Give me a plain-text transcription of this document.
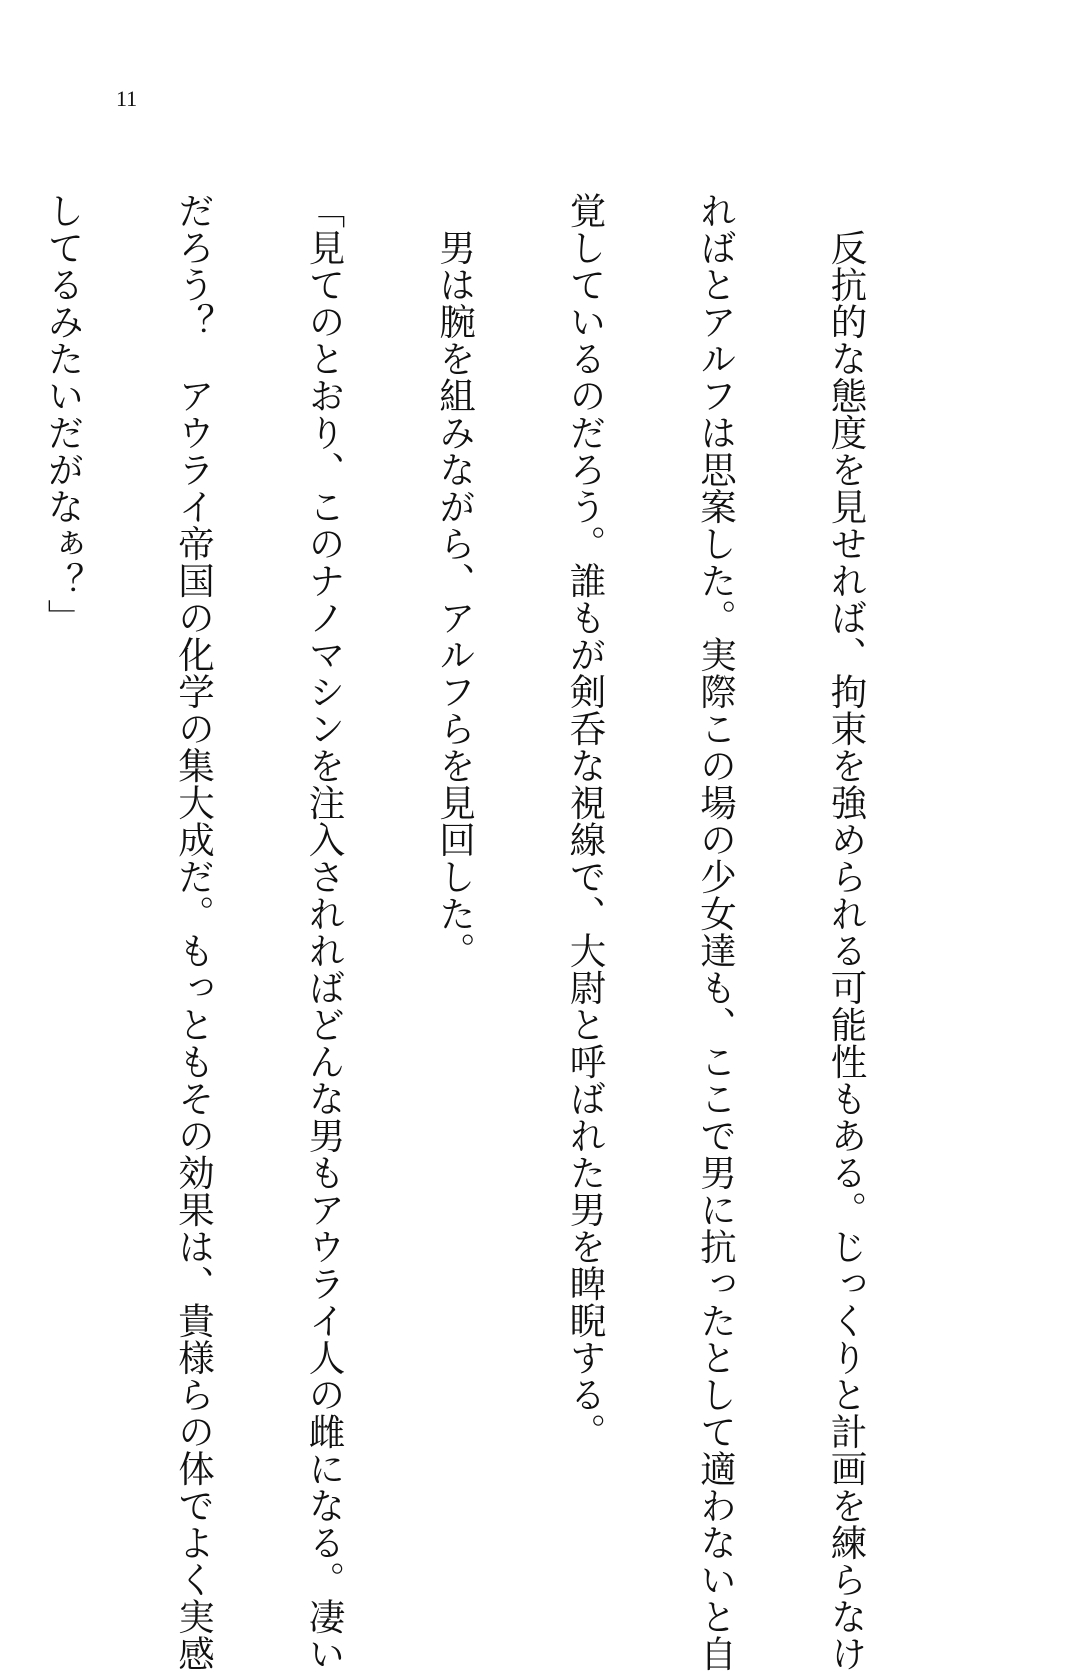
11

　反抗的な態度を見せれば、拘束を強められる可能性もある。じっくりと計画を練らなけ

ればとアルフは思案した。実際この場の少女達も、ここで男に抗ったとして適わないと自

覚しているのだろう。誰もが剣呑な視線で、大尉と呼ばれた男を睥睨する。

　男は腕を組みながら、アルフらを見回した。

「見てのとおり、このナノマシンを注入されればどんな男もアウライ人の雌になる。凄い

だろう？　アウライ帝国の化学の集大成だ。もっともその効果は、貴様らの体でよく実感

してるみたいだがなぁ？」
